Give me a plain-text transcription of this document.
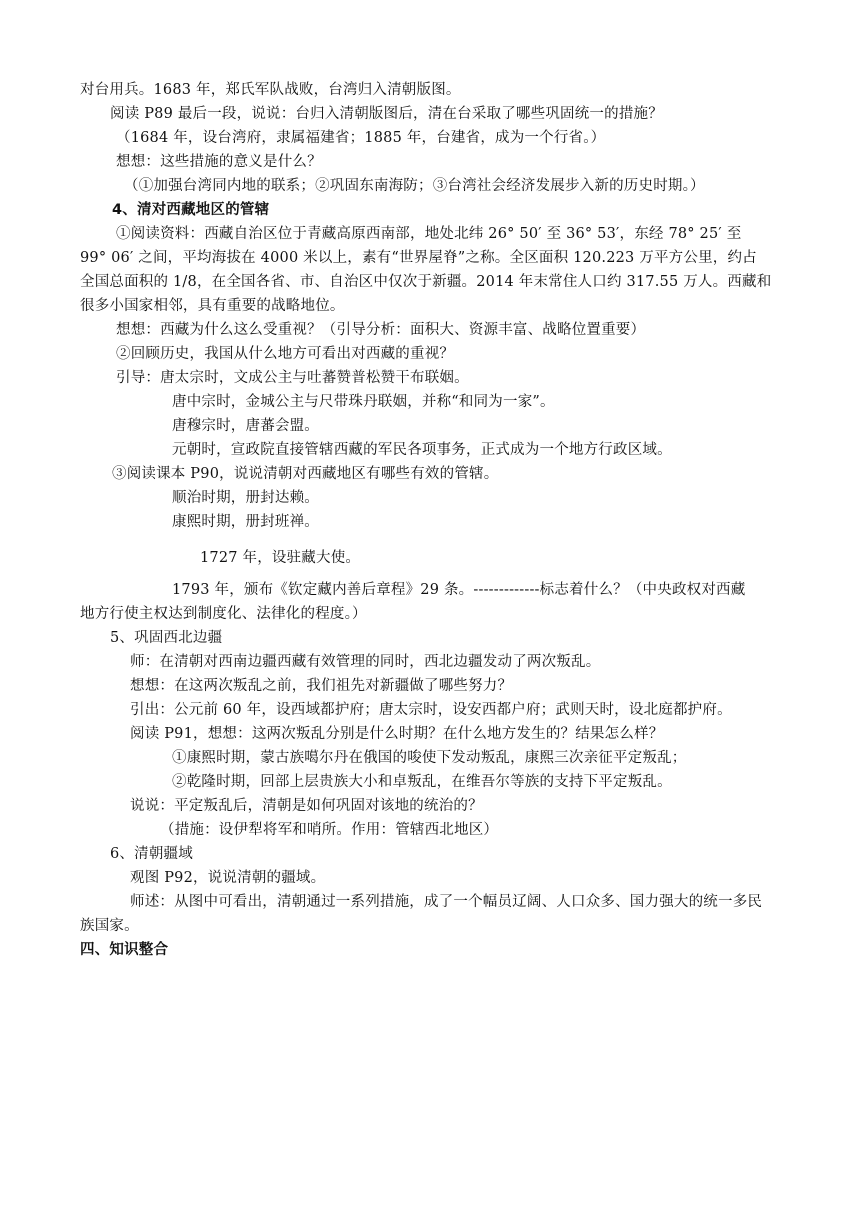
对台用兵。1683 年，郑氏军队战败，台湾归入清朝版图。
阅读 P89 最后一段，说说：台归入清朝版图后，清在台采取了哪些巩固统一的措施？
（1684 年，设台湾府，隶属福建省；1885 年，台建省，成为一个行省。）
想想：这些措施的意义是什么？
（①加强台湾同内地的联系；②巩固东南海防；③台湾社会经济发展步入新的历史时期。）
4、清对西藏地区的管辖
①阅读资料：西藏自治区位于青藏高原西南部，地处北纬 26° 50′ 至 36° 53′，东经 78° 25′ 至
99° 06′ 之间，平均海拔在 4000 米以上，素有“世界屋脊”之称。全区面积 120.223 万平方公里，约占
全国总面积的 1/8，在全国各省、市、自治区中仅次于新疆。2014 年末常住人口约 317.55 万人。西藏和
很多小国家相邻，具有重要的战略地位。
想想：西藏为什么这么受重视？（引导分析：面积大、资源丰富、战略位置重要）
②回顾历史，我国从什么地方可看出对西藏的重视？
引导：唐太宗时，文成公主与吐蕃赞普松赞干布联姻。
唐中宗时，金城公主与尺带珠丹联姻，并称“和同为一家”。
唐穆宗时，唐蕃会盟。
元朝时，宣政院直接管辖西藏的军民各项事务，正式成为一个地方行政区域。
③阅读课本 P90，说说清朝对西藏地区有哪些有效的管辖。
顺治时期，册封达赖。
康熙时期，册封班禅。
1727 年，设驻藏大使。
1793 年，颁布《钦定藏内善后章程》29 条。-------------标志着什么？（中央政权对西藏
地方行使主权达到制度化、法律化的程度。）
5、巩固西北边疆
师：在清朝对西南边疆西藏有效管理的同时，西北边疆发动了两次叛乱。
想想：在这两次叛乱之前，我们祖先对新疆做了哪些努力？
引出：公元前 60 年，设西域都护府；唐太宗时，设安西都户府；武则天时，设北庭都护府。
阅读 P91，想想：这两次叛乱分别是什么时期？在什么地方发生的？结果怎么样？
①康熙时期，蒙古族噶尔丹在俄国的唆使下发动叛乱，康熙三次亲征平定叛乱；
②乾隆时期，回部上层贵族大小和卓叛乱，在维吾尔等族的支持下平定叛乱。
说说：平定叛乱后，清朝是如何巩固对该地的统治的？
（措施：设伊犁将军和哨所。作用：管辖西北地区）
6、清朝疆域
观图 P92，说说清朝的疆域。
师述：从图中可看出，清朝通过一系列措施，成了一个幅员辽阔、人口众多、国力强大的统一多民
族国家。
四、知识整合
